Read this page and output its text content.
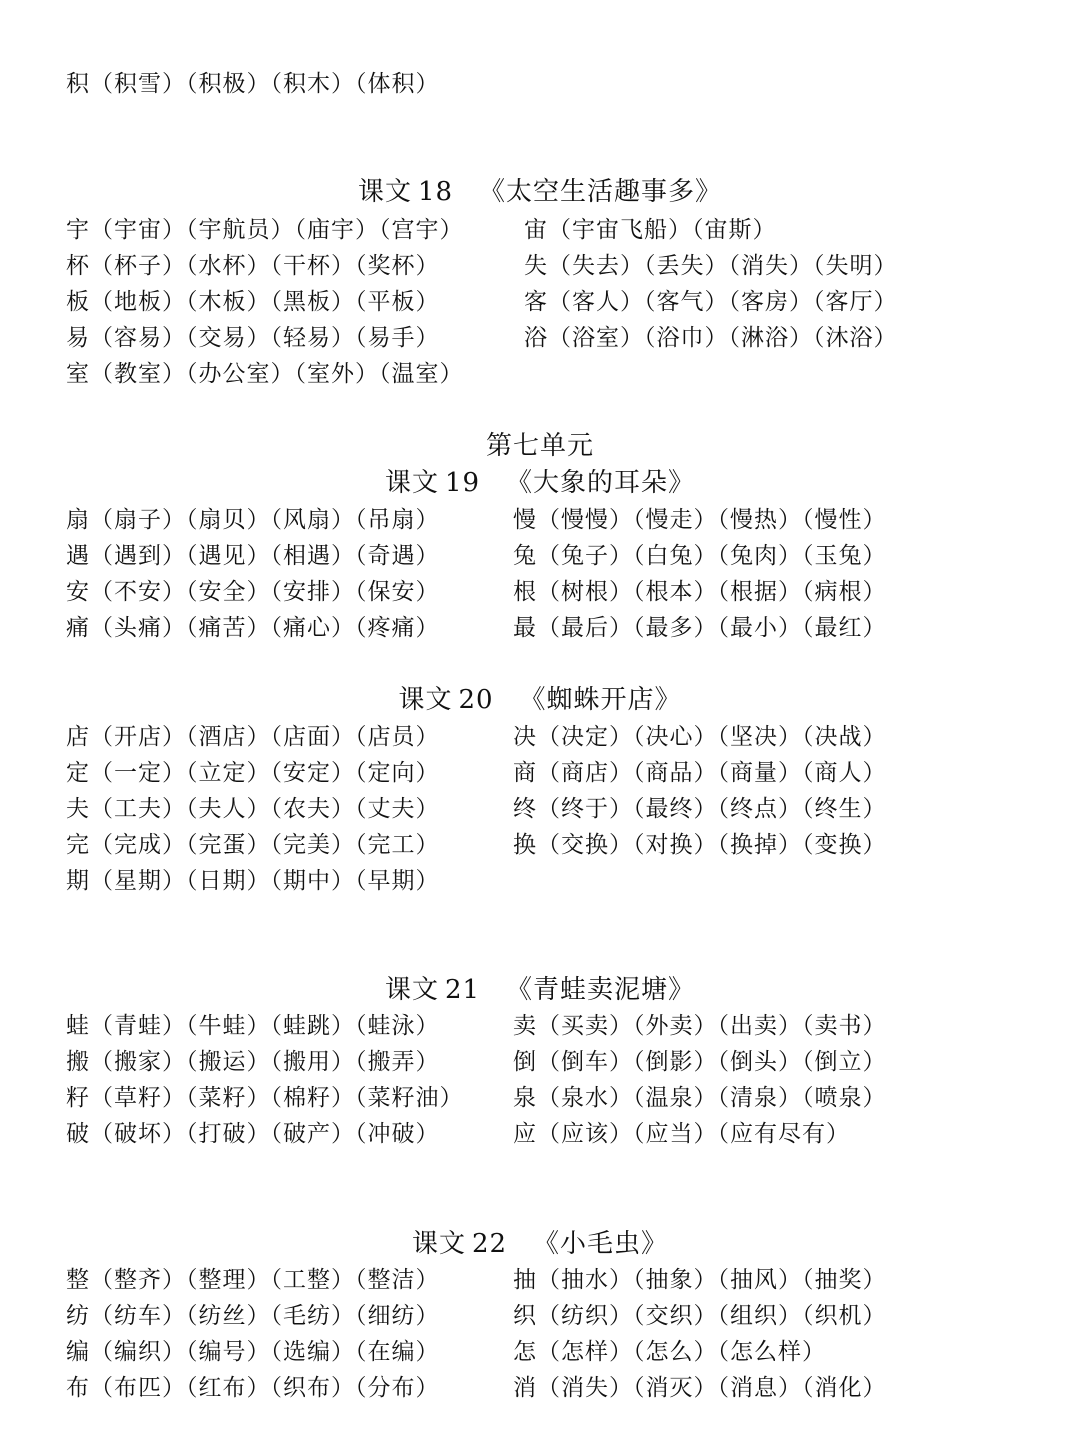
积（积雪）（积极）（积木）（体积）
课文 18 《太空生活趣事多》
宇（宇宙）（宇航员）（庙宇）（宫宇）	宙（宇宙飞船）（宙斯）
杯（杯子）（水杯）（干杯）（奖杯）	失（失去）（丢失）（消失）（失明）
板（地板）（木板）（黑板）（平板）	客（客人）（客气）（客房）（客厅）
易（容易）（交易）（轻易）（易手）	浴（浴室）（浴巾）（淋浴）（沐浴）
室（教室）（办公室）（室外）（温室）
第七单元
课文 19 《大象的耳朵》
扇（扇子）（扇贝）（风扇）（吊扇）	慢（慢慢）（慢走）（慢热）（慢性）
遇（遇到）（遇见）（相遇）（奇遇）	兔（兔子）（白兔）（兔肉）（玉兔）
安（不安）（安全）（安排）（保安）	根（树根）（根本）（根据）（病根）
痛（头痛）（痛苦）（痛心）（疼痛）	最（最后）（最多）（最小）（最红）
课文 20 《蜘蛛开店》
店（开店）（酒店）（店面）（店员）	决（决定）（决心）（坚决）（决战）
定（一定）（立定）（安定）（定向）	商（商店）（商品）（商量）（商人）
夫（工夫）（夫人）（农夫）（丈夫）	终（终于）（最终）（终点）（终生）
完（完成）（完蛋）（完美）（完工）	换（交换）（对换）（换掉）（变换）
期（星期）（日期）（期中）（早期）
课文 21 《青蛙卖泥塘》
蛙（青蛙）（牛蛙）（蛙跳）（蛙泳）	卖（买卖）（外卖）（出卖）（卖书）
搬（搬家）（搬运）（搬用）（搬弄）	倒（倒车）（倒影）（倒头）（倒立）
籽（草籽）（菜籽）（棉籽）（菜籽油） 泉（泉水）（温泉）（清泉）（喷泉）
破（破坏）（打破）（破产）（冲破）	应（应该）（应当）（应有尽有）
课文 22 《小毛虫》
整（整齐）（整理）（工整）（整洁）	抽（抽水）（抽象）（抽风）（抽奖）
纺（纺车）（纺丝）（毛纺）（细纺）	织（纺织）（交织）（组织）（织机）
编（编织）（编号）（选编）（在编）	怎（怎样）（怎么）（怎么样）
布（布匹）（红布）（织布）（分布）	消（消失）（消灭）（消息）（消化）
